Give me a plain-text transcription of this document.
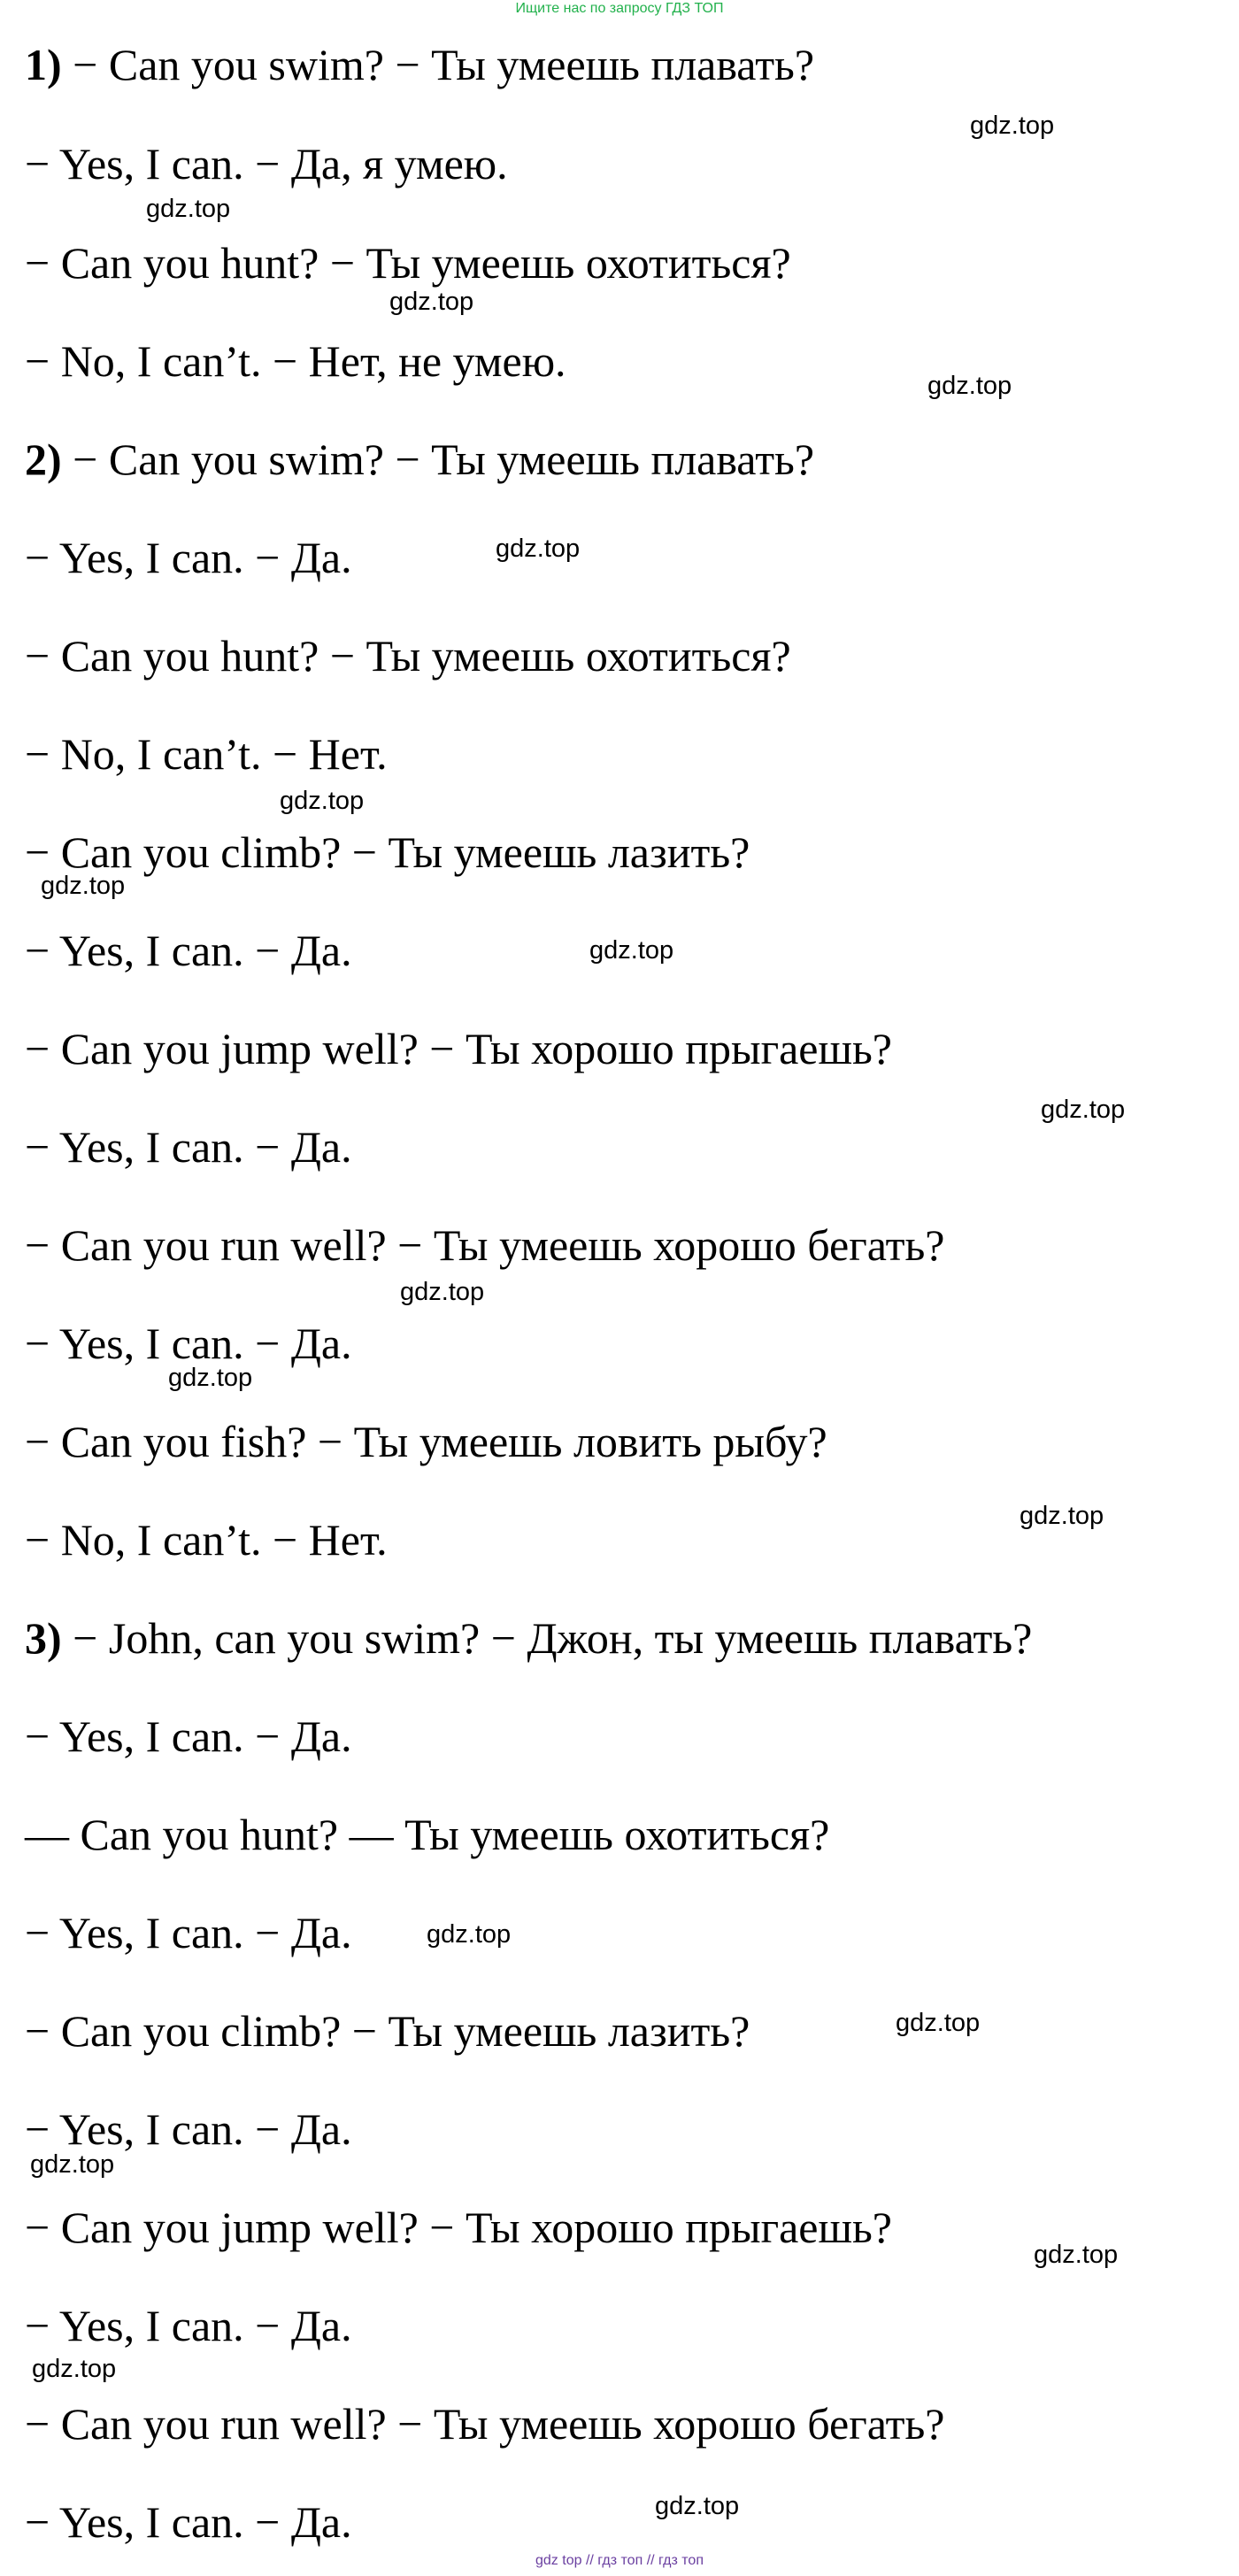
Ищите нас по запросу ГДЗ ТОП
1) − Can you swim? − Ты умеешь плавать?
− Yes, I can. − Да, я умею.
− Can you hunt? − Ты умеешь охотиться?
− No, I can’t. − Нет, не умею.
2) − Can you swim? − Ты умеешь плавать?
− Yes, I can. − Да.
− Can you hunt? − Ты умеешь охотиться?
− No, I can’t. − Нет.
− Can you climb? − Ты умеешь лазить?
− Yes, I can. − Да.
− Can you jump well? − Ты хорошо прыгаешь?
− Yes, I can. − Да.
− Can you run well? − Ты умеешь хорошо бегать?
− Yes, I can. − Да.
− Can you fish? − Ты умеешь ловить рыбу?
− No, I can’t. − Нет.
3) − John, can you swim? − Джон, ты умеешь плавать?
− Yes, I can. − Да.
— Can you hunt? — Ты умеешь охотиться?
− Yes, I can. − Да.
− Can you climb? − Ты умеешь лазить?
− Yes, I can. − Да.
− Can you jump well? − Ты хорошо прыгаешь?
− Yes, I can. − Да.
− Can you run well? − Ты умеешь хорошо бегать?
− Yes, I can. − Да.
gdz.top
gdz.top
gdz.top
gdz.top
gdz.top
gdz.top
gdz.top
gdz.top
gdz.top
gdz.top
gdz.top
gdz.top
gdz.top
gdz.top
gdz.top
gdz.top
gdz.top
gdz.top
gdz top // гдз топ // гдз топ
